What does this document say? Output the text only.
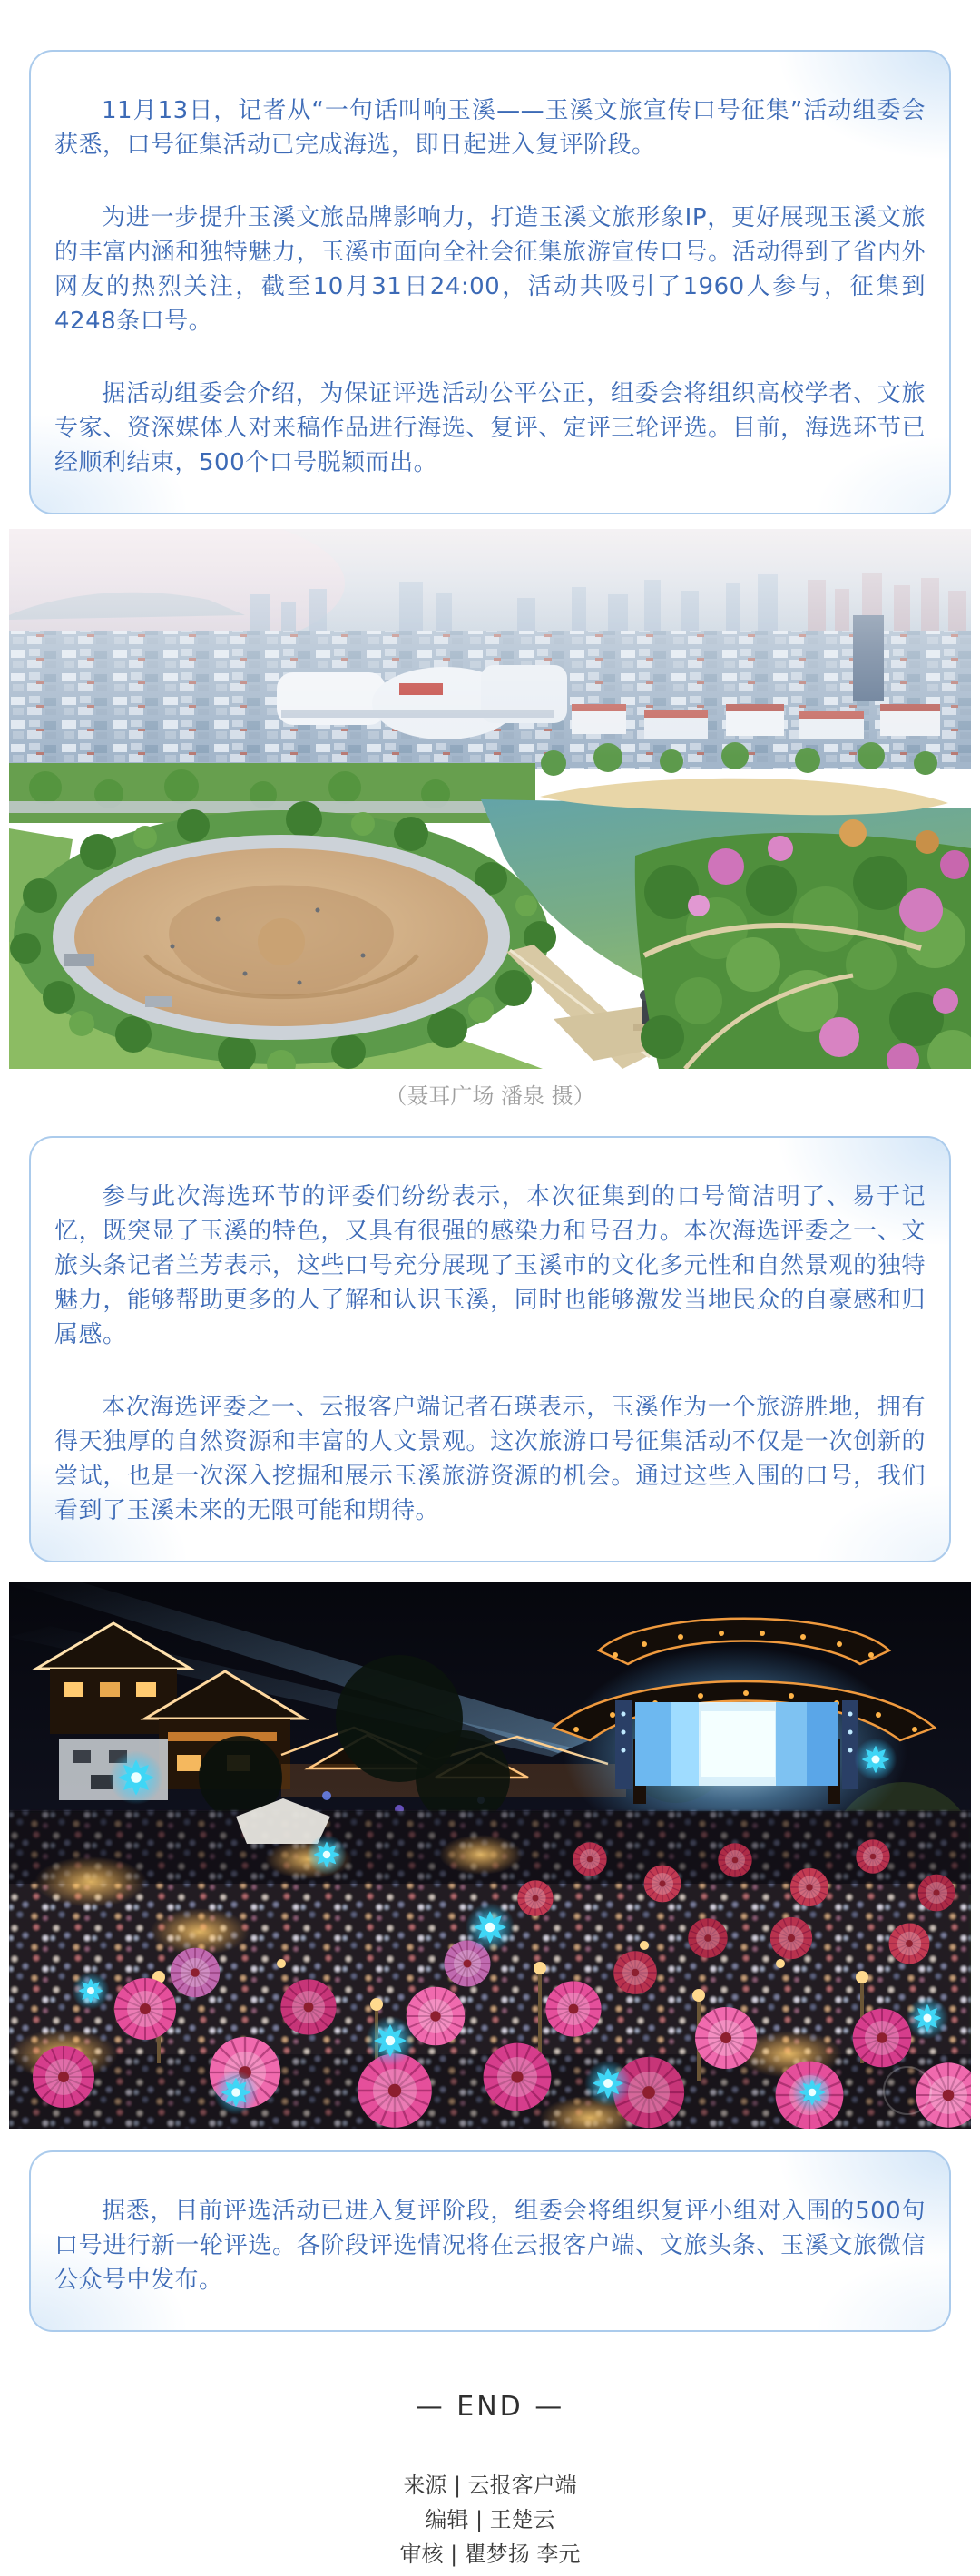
11月13日，记者从“一句话叫响玉溪——玉溪文旅宣传口号征集”活动组委会获悉，口号征集活动已完成海选，即日起进入复评阶段。

为进一步提升玉溪文旅品牌影响力，打造玉溪文旅形象IP，更好展现玉溪文旅的丰富内涵和独特魅力，玉溪市面向全社会征集旅游宣传口号。活动得到了省内外网友的热烈关注，截至10月31日24:00，活动共吸引了1960人参与，征集到4248条口号。

据活动组委会介绍，为保证评选活动公平公正，组委会将组织高校学者、文旅专家、资深媒体人对来稿作品进行海选、复评、定评三轮评选。目前，海选环节已经顺利结束，500个口号脱颖而出。

（聂耳广场 潘泉 摄）

参与此次海选环节的评委们纷纷表示，本次征集到的口号简洁明了、易于记忆，既突显了玉溪的特色，又具有很强的感染力和号召力。本次海选评委之一、文旅头条记者兰芳表示，这些口号充分展现了玉溪市的文化多元性和自然景观的独特魅力，能够帮助更多的人了解和认识玉溪，同时也能够激发当地民众的自豪感和归属感。

本次海选评委之一、云报客户端记者石瑛表示，玉溪作为一个旅游胜地，拥有得天独厚的自然资源和丰富的人文景观。这次旅游口号征集活动不仅是一次创新的尝试，也是一次深入挖掘和展示玉溪旅游资源的机会。通过这些入围的口号，我们看到了玉溪未来的无限可能和期待。

据悉，目前评选活动已进入复评阶段，组委会将组织复评小组对入围的500句口号进行新一轮评选。各阶段评选情况将在云报客户端、文旅头条、玉溪文旅微信公众号中发布。

— END —

来源 | 云报客户端

编辑 | 王楚云

审核 | 瞿梦扬 李元
